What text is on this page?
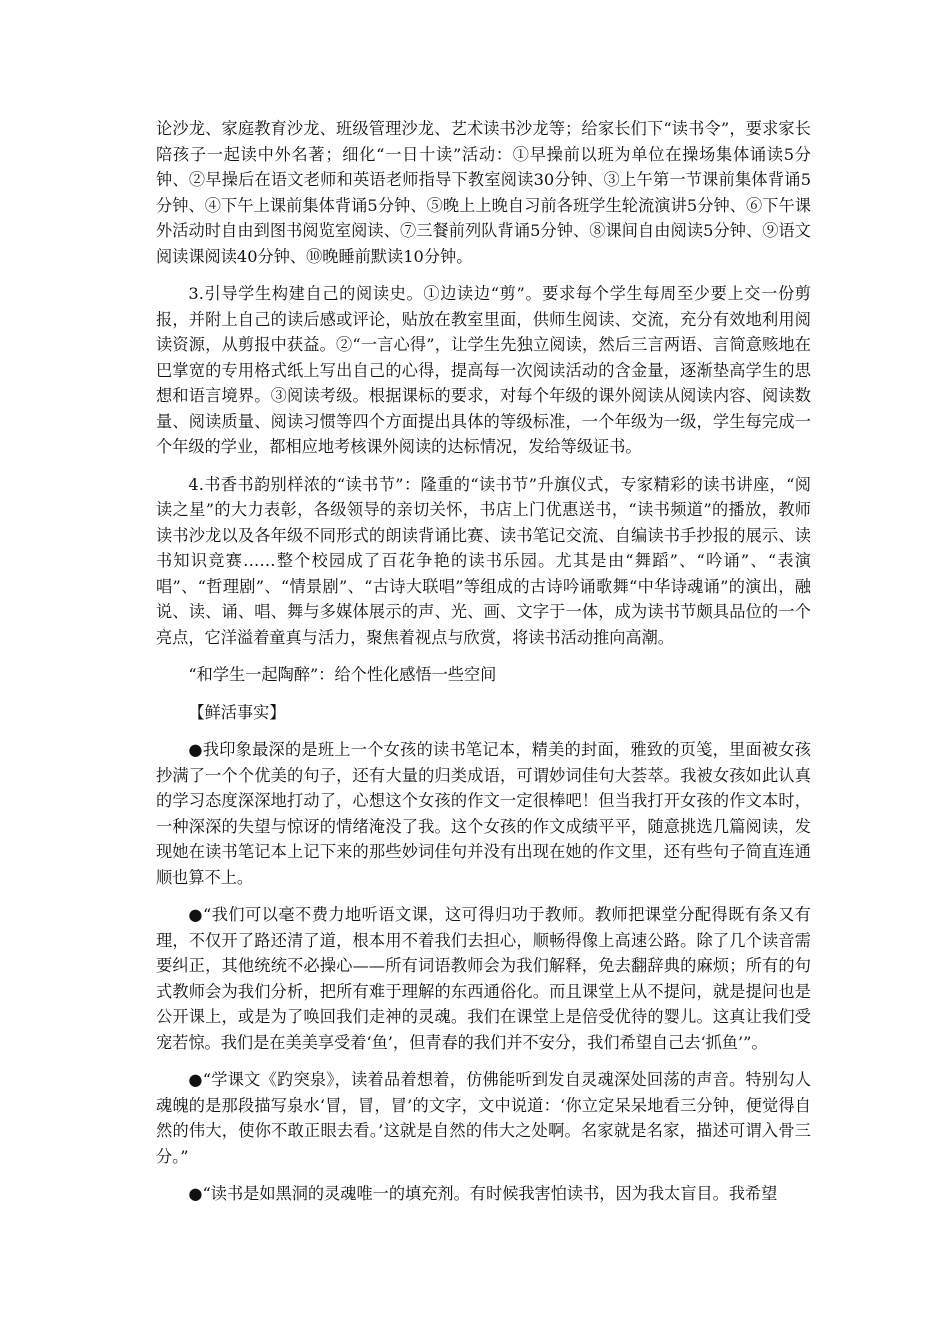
论沙龙、家庭教育沙龙、班级管理沙龙、艺术读书沙龙等；给家长们下“读书令”，要求家长陪孩子一起读中外名著；细化“一日十读”活动：①早操前以班为单位在操场集体诵读5分钟、②早操后在语文老师和英语老师指导下教室阅读30分钟、③上午第一节课前集体背诵5分钟、④下午上课前集体背诵5分钟、⑤晚上上晚自习前各班学生轮流演讲5分钟、⑥下午课外活动时自由到图书阅览室阅读、⑦三餐前列队背诵5分钟、⑧课间自由阅读5分钟、⑨语文阅读课阅读40分钟、⑩晚睡前默读10分钟。

3.引导学生构建自己的阅读史。①边读边“剪”。要求每个学生每周至少要上交一份剪报，并附上自己的读后感或评论，贴放在教室里面，供师生阅读、交流，充分有效地利用阅读资源，从剪报中获益。②“一言心得”，让学生先独立阅读，然后三言两语、言简意赅地在巴掌宽的专用格式纸上写出自己的心得，提高每一次阅读活动的含金量，逐渐垫高学生的思想和语言境界。③阅读考级。根据课标的要求，对每个年级的课外阅读从阅读内容、阅读数量、阅读质量、阅读习惯等四个方面提出具体的等级标准，一个年级为一级，学生每完成一个年级的学业，都相应地考核课外阅读的达标情况，发给等级证书。

4.书香书韵别样浓的“读书节”：隆重的“读书节”升旗仪式，专家精彩的读书讲座，“阅读之星”的大力表彰，各级领导的亲切关怀，书店上门优惠送书，“读书频道”的播放，教师读书沙龙以及各年级不同形式的朗读背诵比赛、读书笔记交流、自编读书手抄报的展示、读书知识竞赛……整个校园成了百花争艳的读书乐园。尤其是由“舞蹈”、“吟诵”、“表演唱”、“哲理剧”、“情景剧”、“古诗大联唱”等组成的古诗吟诵歌舞“中华诗魂诵”的演出，融说、读、诵、唱、舞与多媒体展示的声、光、画、文字于一体，成为读书节颇具品位的一个亮点，它洋溢着童真与活力，聚焦着视点与欣赏，将读书活动推向高潮。

“和学生一起陶醉”：给个性化感悟一些空间

【鲜活事实】

●我印象最深的是班上一个女孩的读书笔记本，精美的封面，雅致的页笺，里面被女孩抄满了一个个优美的句子，还有大量的归类成语，可谓妙词佳句大荟萃。我被女孩如此认真的学习态度深深地打动了，心想这个女孩的作文一定很棒吧！但当我打开女孩的作文本时，一种深深的失望与惊讶的情绪淹没了我。这个女孩的作文成绩平平，随意挑选几篇阅读，发现她在读书笔记本上记下来的那些妙词佳句并没有出现在她的作文里，还有些句子简直连通顺也算不上。

●“我们可以毫不费力地听语文课，这可得归功于教师。教师把课堂分配得既有条又有理，不仅开了路还清了道，根本用不着我们去担心，顺畅得像上高速公路。除了几个读音需要纠正，其他统统不必操心——所有词语教师会为我们解释，免去翻辞典的麻烦；所有的句式教师会为我们分析，把所有难于理解的东西通俗化。而且课堂上从不提问，就是提问也是公开课上，或是为了唤回我们走神的灵魂。我们在课堂上是倍受优待的婴儿。这真让我们受宠若惊。我们是在美美享受着‘鱼’，但青春的我们并不安分，我们希望自己去‘抓鱼’”。

●“学课文《趵突泉》，读着品着想着，仿佛能听到发自灵魂深处回荡的声音。特别勾人魂魄的是那段描写泉水‘冒，冒，冒’的文字，文中说道：‘你立定呆呆地看三分钟，便觉得自然的伟大，使你不敢正眼去看。’这就是自然的伟大之处啊。名家就是名家，描述可谓入骨三分。”

●“读书是如黑洞的灵魂唯一的填充剂。有时候我害怕读书，因为我太盲目。我希望
